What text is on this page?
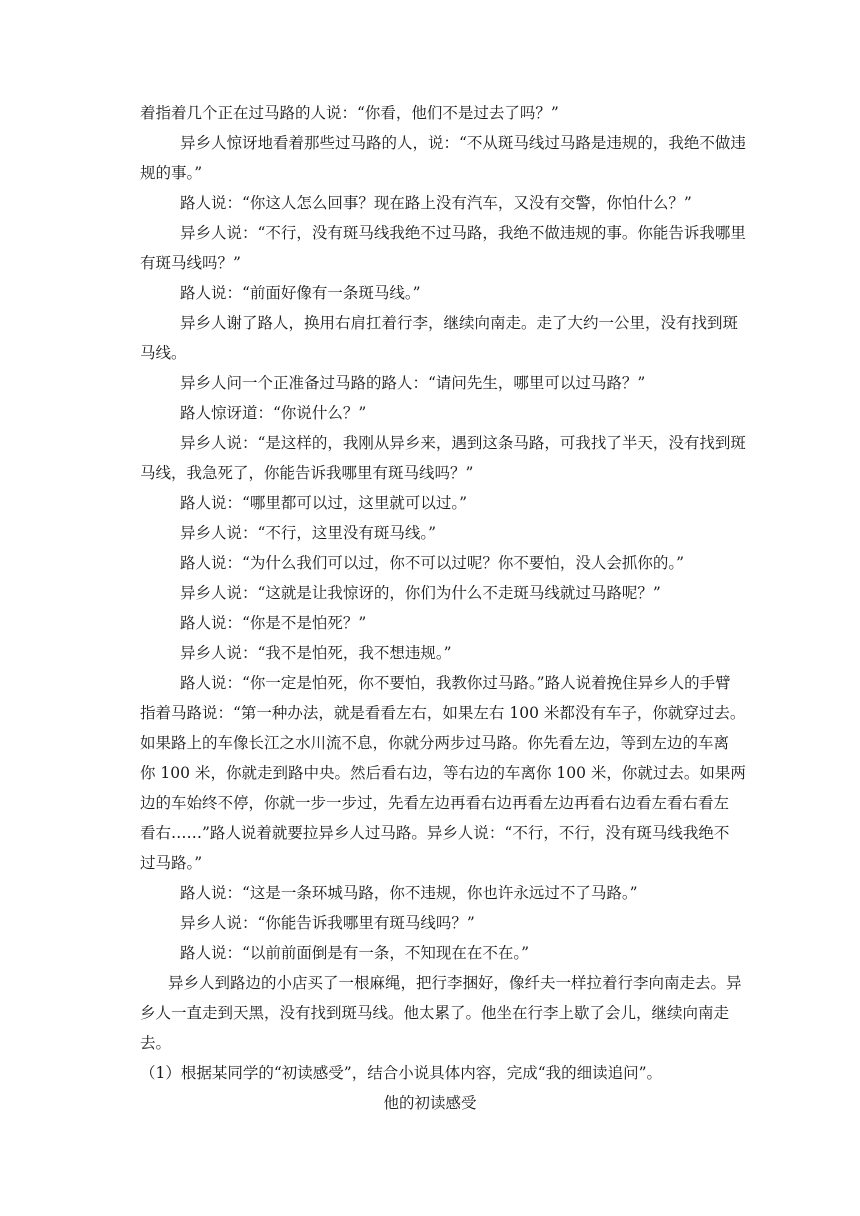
着指着几个正在过马路的人说：“你看，他们不是过去了吗？”
异乡人惊讶地看着那些过马路的人，说：“不从斑马线过马路是违规的，我绝不做违
规的事。”
路人说：“你这人怎么回事？现在路上没有汽车，又没有交警，你怕什么？”
异乡人说：“不行，没有斑马线我绝不过马路，我绝不做违规的事。你能告诉我哪里
有斑马线吗？”
路人说：“前面好像有一条斑马线。”
异乡人谢了路人，换用右肩扛着行李，继续向南走。走了大约一公里，没有找到斑
马线。
异乡人问一个正准备过马路的路人：“请问先生，哪里可以过马路？”
路人惊讶道：“你说什么？”
异乡人说：“是这样的，我刚从异乡来，遇到这条马路，可我找了半天，没有找到斑
马线，我急死了，你能告诉我哪里有斑马线吗？”
路人说：“哪里都可以过，这里就可以过。”
异乡人说：“不行，这里没有斑马线。”
路人说：“为什么我们可以过，你不可以过呢？你不要怕，没人会抓你的。”
异乡人说：“这就是让我惊讶的，你们为什么不走斑马线就过马路呢？”
路人说：“你是不是怕死？”
异乡人说：“我不是怕死，我不想违规。”
路人说：“你一定是怕死，你不要怕，我教你过马路。”路人说着挽住异乡人的手臂
指着马路说：“第一种办法，就是看看左右，如果左右 100 米都没有车子，你就穿过去。
如果路上的车像长江之水川流不息，你就分两步过马路。你先看左边，等到左边的车离
你 100 米，你就走到路中央。然后看右边，等右边的车离你 100 米，你就过去。如果两
边的车始终不停，你就一步一步过，先看左边再看右边再看左边再看右边看左看右看左
看右……”路人说着就要拉异乡人过马路。异乡人说：“不行，不行，没有斑马线我绝不
过马路。”
路人说：“这是一条环城马路，你不违规，你也许永远过不了马路。”
异乡人说：“你能告诉我哪里有斑马线吗？”
路人说：“以前前面倒是有一条，不知现在在不在。”
异乡人到路边的小店买了一根麻绳，把行李捆好，像纤夫一样拉着行李向南走去。异
乡人一直走到天黑，没有找到斑马线。他太累了。他坐在行李上歇了会儿，继续向南走
去。
（1）根据某同学的“初读感受”，结合小说具体内容，完成“我的细读追问”。
他的初读感受
